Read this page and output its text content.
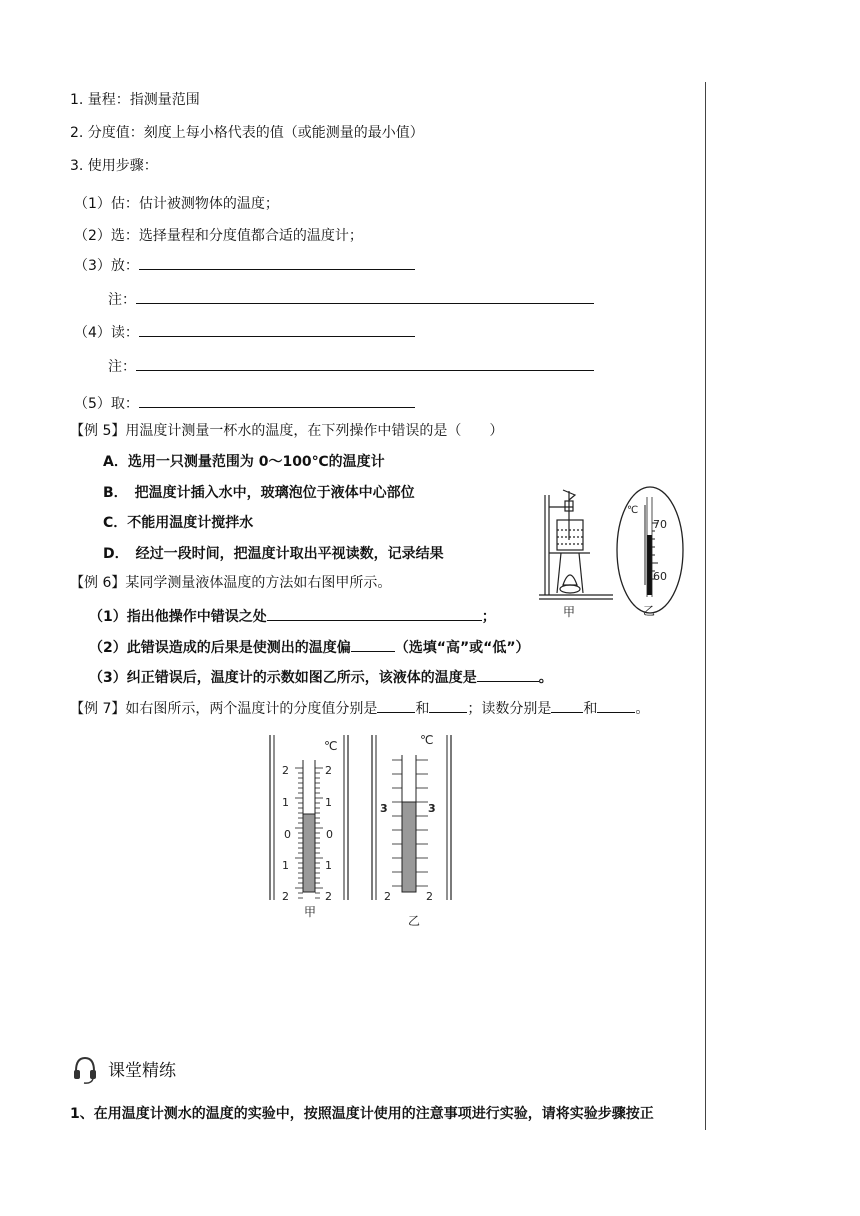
1. 量程：指测量范围
2. 分度值：刻度上每小格代表的值（或能测量的最小值）
3. 使用步骤：
（1）估：估计被测物体的温度；
（2）选：选择量程和分度值都合适的温度计；
（3）放：
注：
（4）读：
注：
（5）取：
【例 5】用温度计测量一杯水的温度，在下列操作中错误的是（　　）
A．选用一只测量范围为 0～100℃的温度计
B．　把温度计插入水中，玻璃泡位于液体中心部位
C．不能用温度计搅拌水
D．　经过一段时间，把温度计取出平视读数，记录结果
【例 6】某同学测量液体温度的方法如右图甲所示。
（1）指出他操作中错误之处	；
（2）此错误造成的后果是使测出的温度偏	（选填“高”或“低”）
（3）纠正错误后，温度计的示数如图乙所示，该液体的温度是	。
【例 7】如右图所示，两个温度计的分度值分别是	和	；读数分别是 和	。
甲
℃
70
60
乙
℃
2
1
0
1
2
2
1
0
1
2
甲
℃
3	3
2	2
乙
课堂精练
1、在用温度计测水的温度的实验中，按照温度计使用的注意事项进行实验，请将实验步骤按正
